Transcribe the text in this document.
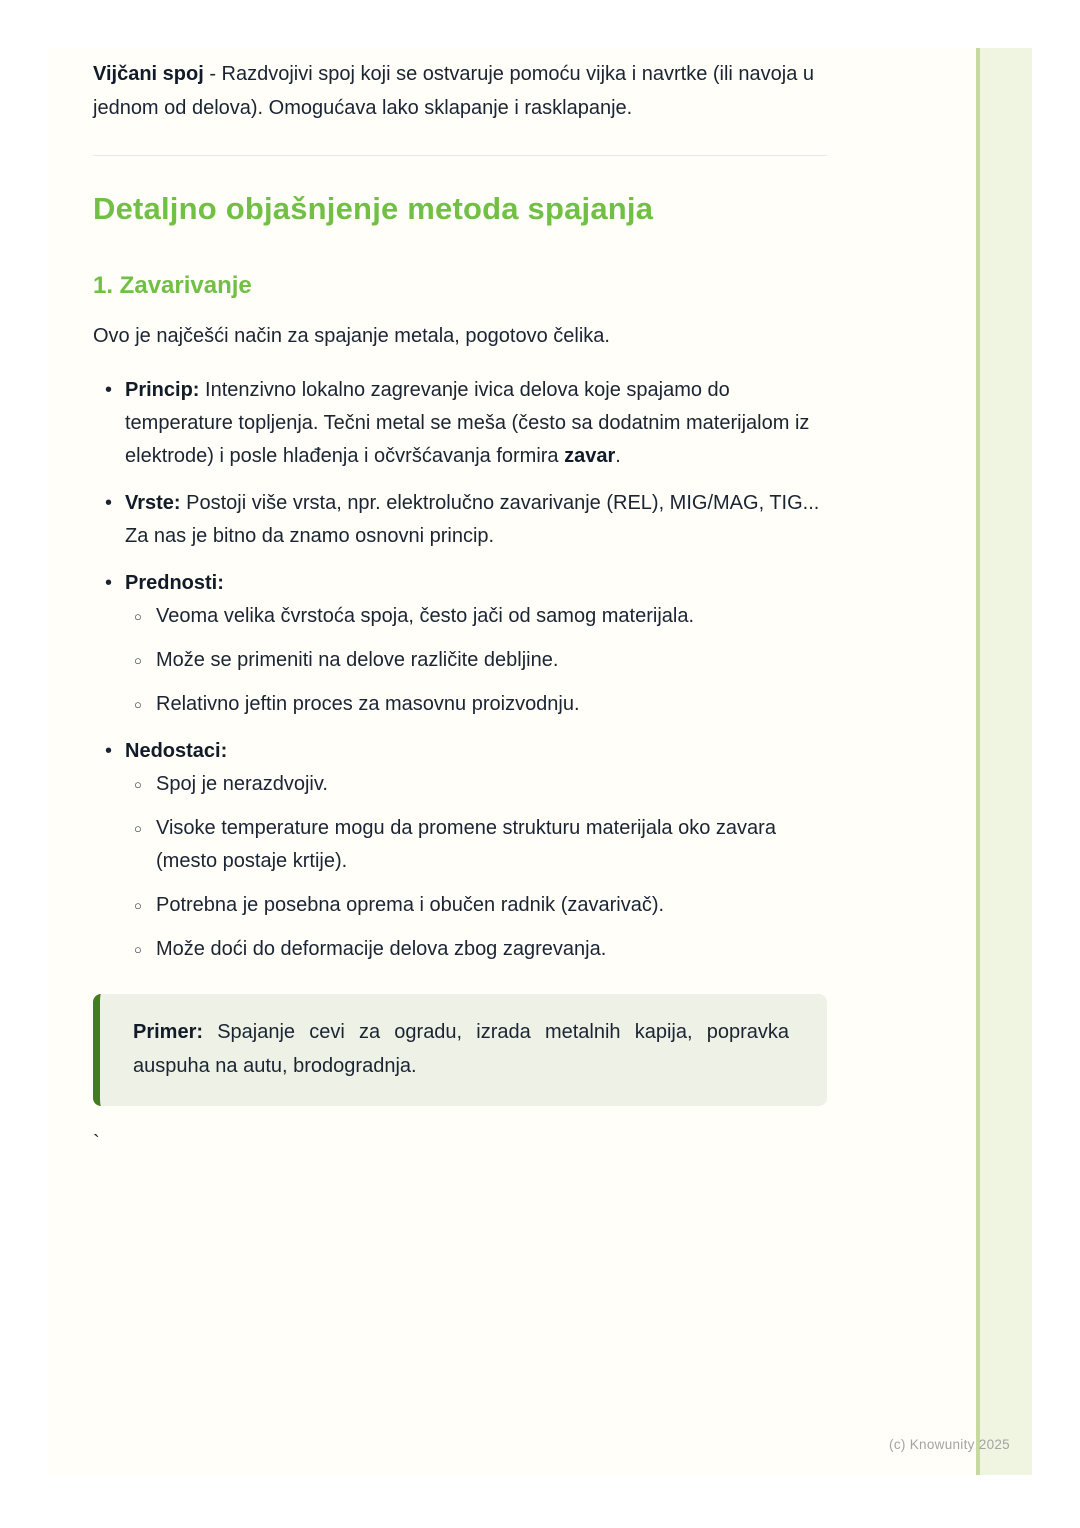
Vijčani spoj - Razdvojivi spoj koji se ostvaruje pomoću vijka i navrtke (ili navoja u jednom od delova). Omogućava lako sklapanje i rasklapanje.

Detaljno objašnjenje metoda spajanja
1. Zavarivanje

Ovo je najčešći način za spajanje metala, pogotovo čelika.

• Princip: Intenzivno lokalno zagrevanje ivica delova koje spajamo do temperature topljenja. Tečni metal se meša (često sa dodatnim materijalom iz elektrode) i posle hlađenja i očvršćavanja formira zavar.
• Vrste: Postoji više vrsta, npr. elektrolučno zavarivanje (REL), MIG/MAG, TIG... Za nas je bitno da znamo osnovni princip.
• Prednosti:
○ Veoma velika čvrstoća spoja, često jači od samog materijala.
○ Može se primeniti na delove različite debljine.
○ Relativno jeftin proces za masovnu proizvodnju.
• Nedostaci:
○ Spoj je nerazdvojiv.
○ Visoke temperature mogu da promene strukturu materijala oko zavara (mesto postaje krtije).
○ Potrebna je posebna oprema i obučen radnik (zavarivač).
○ Može doći do deformacije delova zbog zagrevanja.

Primer: Spajanje cevi za ogradu, izrada metalnih kapija, popravka auspuha na autu, brodogradnja.

`
(c) Knowunity 2025
